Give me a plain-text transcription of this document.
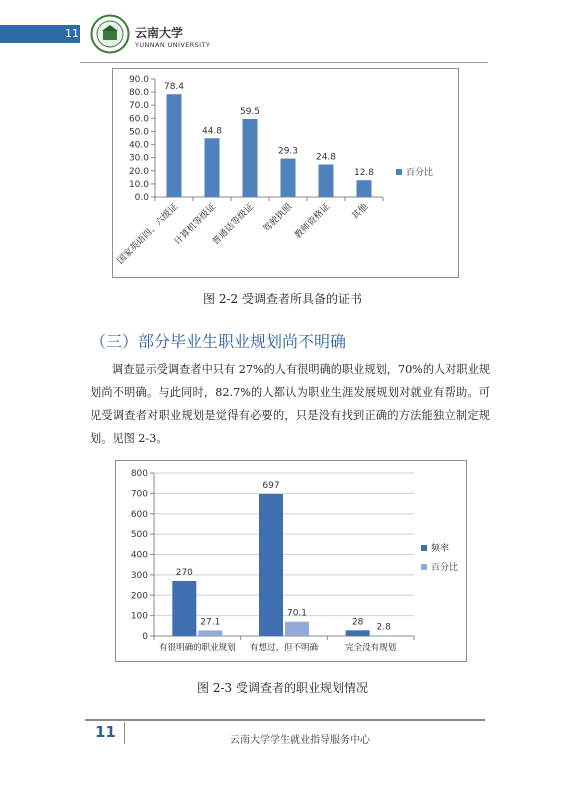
11	云南大学
YUNNAN UNIVERSITY
0.0
10.0
20.0
30.0
40.0
50.0
60.0
70.0
80.0
90.0
78.4
国家英语四、六级证
44.8
计算机等级证
59.5
普通话等级证
29.3
驾驶执照
24.8
教师资格证
12.8
其他
百分比
图 2-2 受调查者所具备的证书
（三）部分毕业生职业规划尚不明确
调查显示受调查者中只有 27%的人有很明确的职业规划，70%的人对职业规划尚不明确。与此同时，82.7%的人都认为职业生涯发展规划对就业有帮助。可见受调查者对职业规划是觉得有必要的，只是没有找到正确的方法能独立制定规划。见图 2-3。
0
100
200
300
400
500
600
700
800
270
27.1
有很明确的职业规划
697
70.1
有想过，但不明确
28
2.8
完全没有规划
频率
百分比
图 2-3 受调查者的职业规划情况
11	云南大学学生就业指导服务中心
